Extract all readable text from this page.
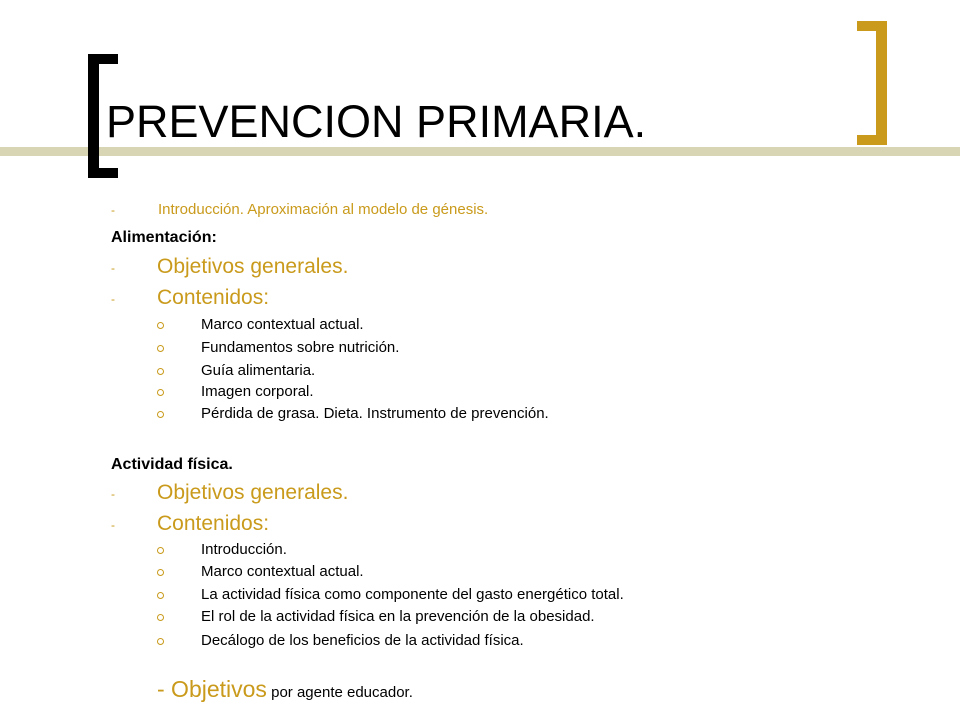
PREVENCION PRIMARIA.
-	Introducción. Aproximación al modelo de génesis.
Alimentación:
- Objetivos generales.
- Contenidos:
Marco contextual actual.
Fundamentos sobre nutrición.
Guía alimentaria.
Imagen corporal.
Pérdida de grasa. Dieta. Instrumento de prevención.
Actividad física.
- Objetivos generales.
- Contenidos:
Introducción.
Marco contextual actual.
La actividad física como componente del gasto energético total.
El rol de la actividad física en la prevención de la obesidad.
Decálogo de los beneficios de la actividad física.
- Objetivos por agente educador.
